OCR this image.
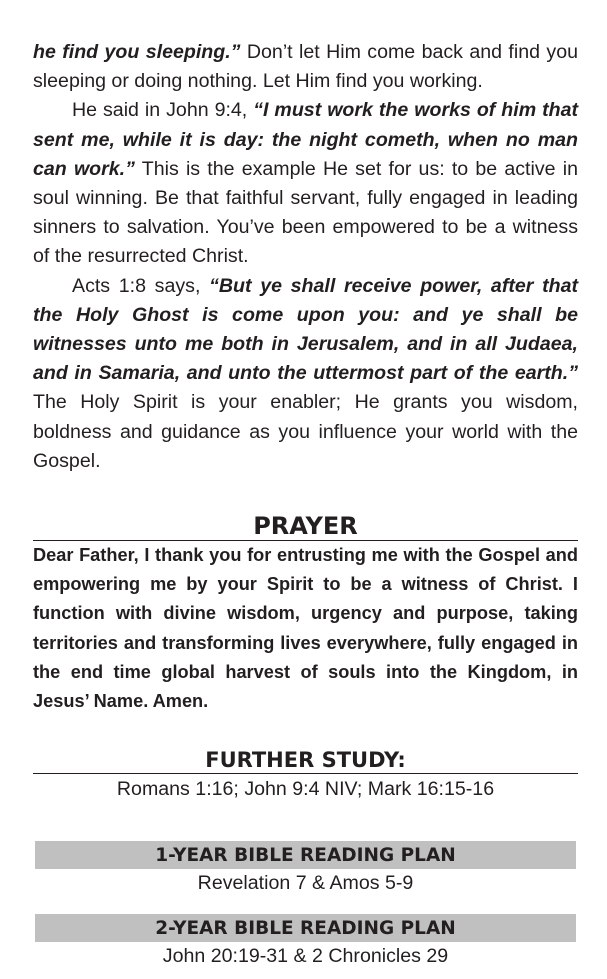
he find you sleeping.” Don’t let Him come back and find you sleeping or doing nothing. Let Him find you working.

He said in John 9:4, “I must work the works of him that sent me, while it is day: the night cometh, when no man can work.” This is the example He set for us: to be active in soul winning. Be that faithful servant, fully engaged in leading sinners to salvation. You’ve been empowered to be a witness of the resurrected Christ.

Acts 1:8 says, “But ye shall receive power, after that the Holy Ghost is come upon you: and ye shall be witnesses unto me both in Jerusalem, and in all Judaea, and in Samaria, and unto the uttermost part of the earth.” The Holy Spirit is your enabler; He grants you wisdom, boldness and guidance as you influence your world with the Gospel.

PRAYER

Dear Father, I thank you for entrusting me with the Gospel and empowering me by your Spirit to be a witness of Christ. I function with divine wisdom, urgency and purpose, taking territories and transforming lives everywhere, fully engaged in the end time global harvest of souls into the Kingdom, in Jesus’ Name. Amen.

FURTHER STUDY:
Romans 1:16; John 9:4 NIV; Mark 16:15-16
1-YEAR BIBLE READING PLAN
Revelation 7 & Amos 5-9
2-YEAR BIBLE READING PLAN
John 20:19-31 & 2 Chronicles 29
